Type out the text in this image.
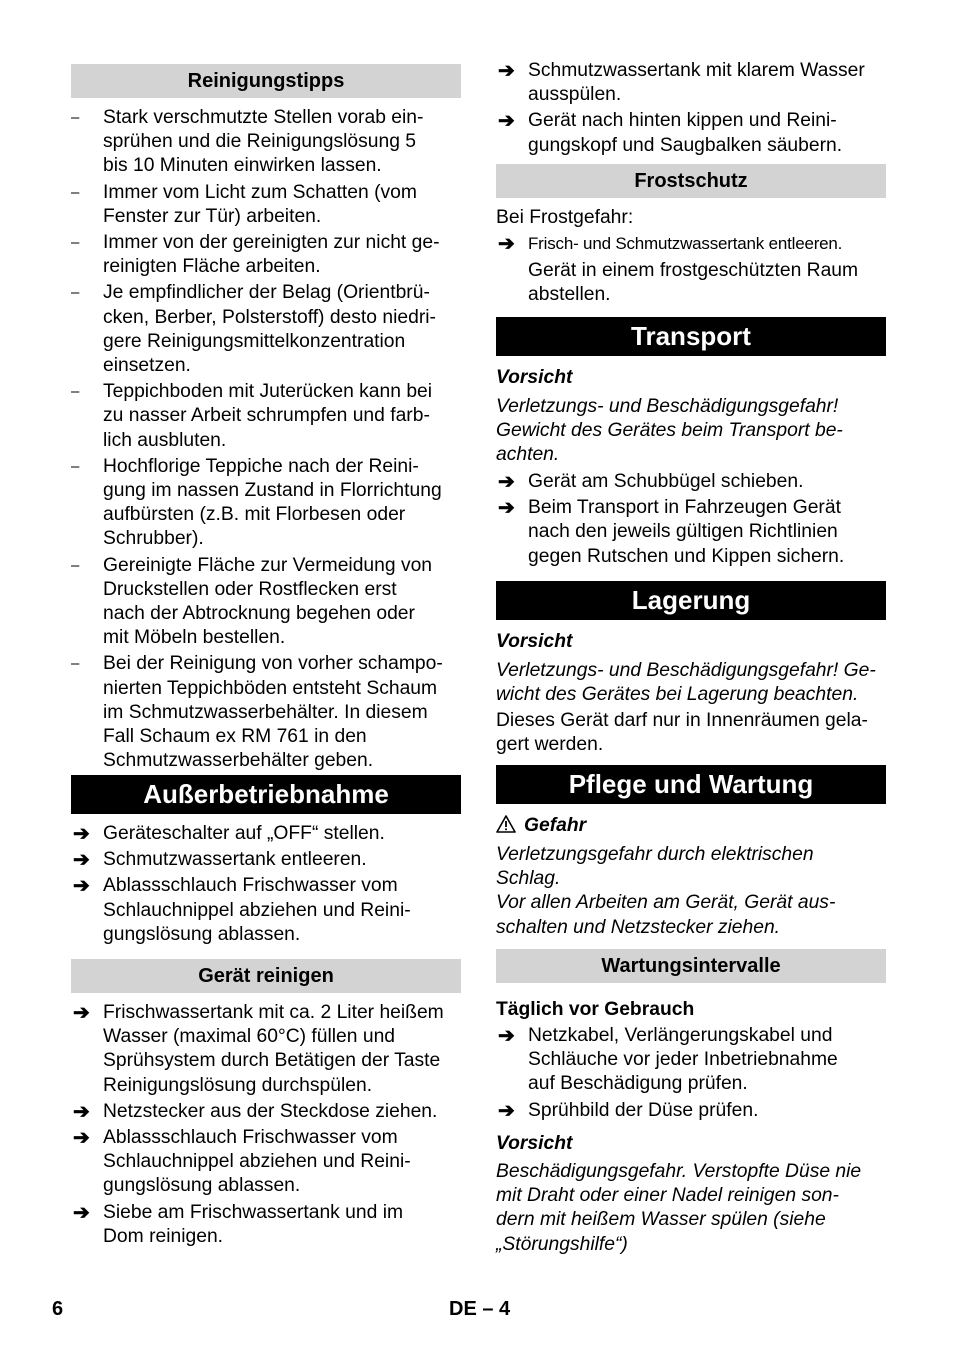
Reinigungstipps
–	Stark verschmutzte Stellen vorab ein-
sprühen und die Reinigungslösung 5
bis 10 Minuten einwirken lassen.
–	Immer vom Licht zum Schatten (vom
Fenster zur Tür) arbeiten.
–	Immer von der gereinigten zur nicht ge-
reinigten Fläche arbeiten.
–	Je empfindlicher der Belag (Orientbrü-
cken, Berber, Polsterstoff) desto niedri-
gere Reinigungsmittelkonzentration
einsetzen.
–	Teppichboden mit Juterücken kann bei
zu nasser Arbeit schrumpfen und farb-
lich ausbluten.
–	Hochflorige Teppiche nach der Reini-
gung im nassen Zustand in Florrichtung
aufbürsten (z.B. mit Florbesen oder
Schrubber).
–	Gereinigte Fläche zur Vermeidung von
Druckstellen oder Rostflecken erst
nach der Abtrocknung begehen oder
mit Möbeln bestellen.
–	Bei der Reinigung von vorher schampo-
nierten Teppichböden entsteht Schaum
im Schmutzwasserbehälter. In diesem
Fall Schaum ex RM 761 in den
Schmutzwasserbehälter geben.
Außerbetriebnahme
➔ Geräteschalter auf „OFF“ stellen.
➔ Schmutzwassertank entleeren.
➔ Ablassschlauch Frischwasser vom
Schlauchnippel abziehen und Reini-
gungslösung ablassen.
Gerät reinigen
➔ Frischwassertank mit ca. 2 Liter heißem
Wasser (maximal 60°C) füllen und
Sprühsystem durch Betätigen der Taste
Reinigungslösung durchspülen.
➔ Netzstecker aus der Steckdose ziehen.
➔ Ablassschlauch Frischwasser vom
Schlauchnippel abziehen und Reini-
gungslösung ablassen.
➔ Siebe am Frischwassertank und im
Dom reinigen.
➔ Schmutzwassertank mit klarem Wasser
ausspülen.
➔ Gerät nach hinten kippen und Reini-
gungskopf und Saugbalken säubern.
Frostschutz
Bei Frostgefahr:
➔ Frisch- und Schmutzwassertank entleeren.
Gerät in einem frostgeschützten Raum
abstellen.
Transport
Vorsicht
Verletzungs- und Beschädigungsgefahr!
Gewicht des Gerätes beim Transport be-
achten.
➔ Gerät am Schubbügel schieben.
➔ Beim Transport in Fahrzeugen Gerät
nach den jeweils gültigen Richtlinien
gegen Rutschen und Kippen sichern.
Lagerung
Vorsicht
Verletzungs- und Beschädigungsgefahr! Ge-
wicht des Gerätes bei Lagerung beachten.
Dieses Gerät darf nur in Innenräumen gela-
gert werden.
Pflege und Wartung
Gefahr
Verletzungsgefahr durch elektrischen
Schlag.
Vor allen Arbeiten am Gerät, Gerät aus-
schalten und Netzstecker ziehen.
Wartungsintervalle
Täglich vor Gebrauch
➔ Netzkabel, Verlängerungskabel und
Schläuche vor jeder Inbetriebnahme
auf Beschädigung prüfen.
➔ Sprühbild der Düse prüfen.
Vorsicht
Beschädigungsgefahr. Verstopfte Düse nie
mit Draht oder einer Nadel reinigen son-
dern mit heißem Wasser spülen (siehe
„Störungshilfe“)
6	DE – 4
